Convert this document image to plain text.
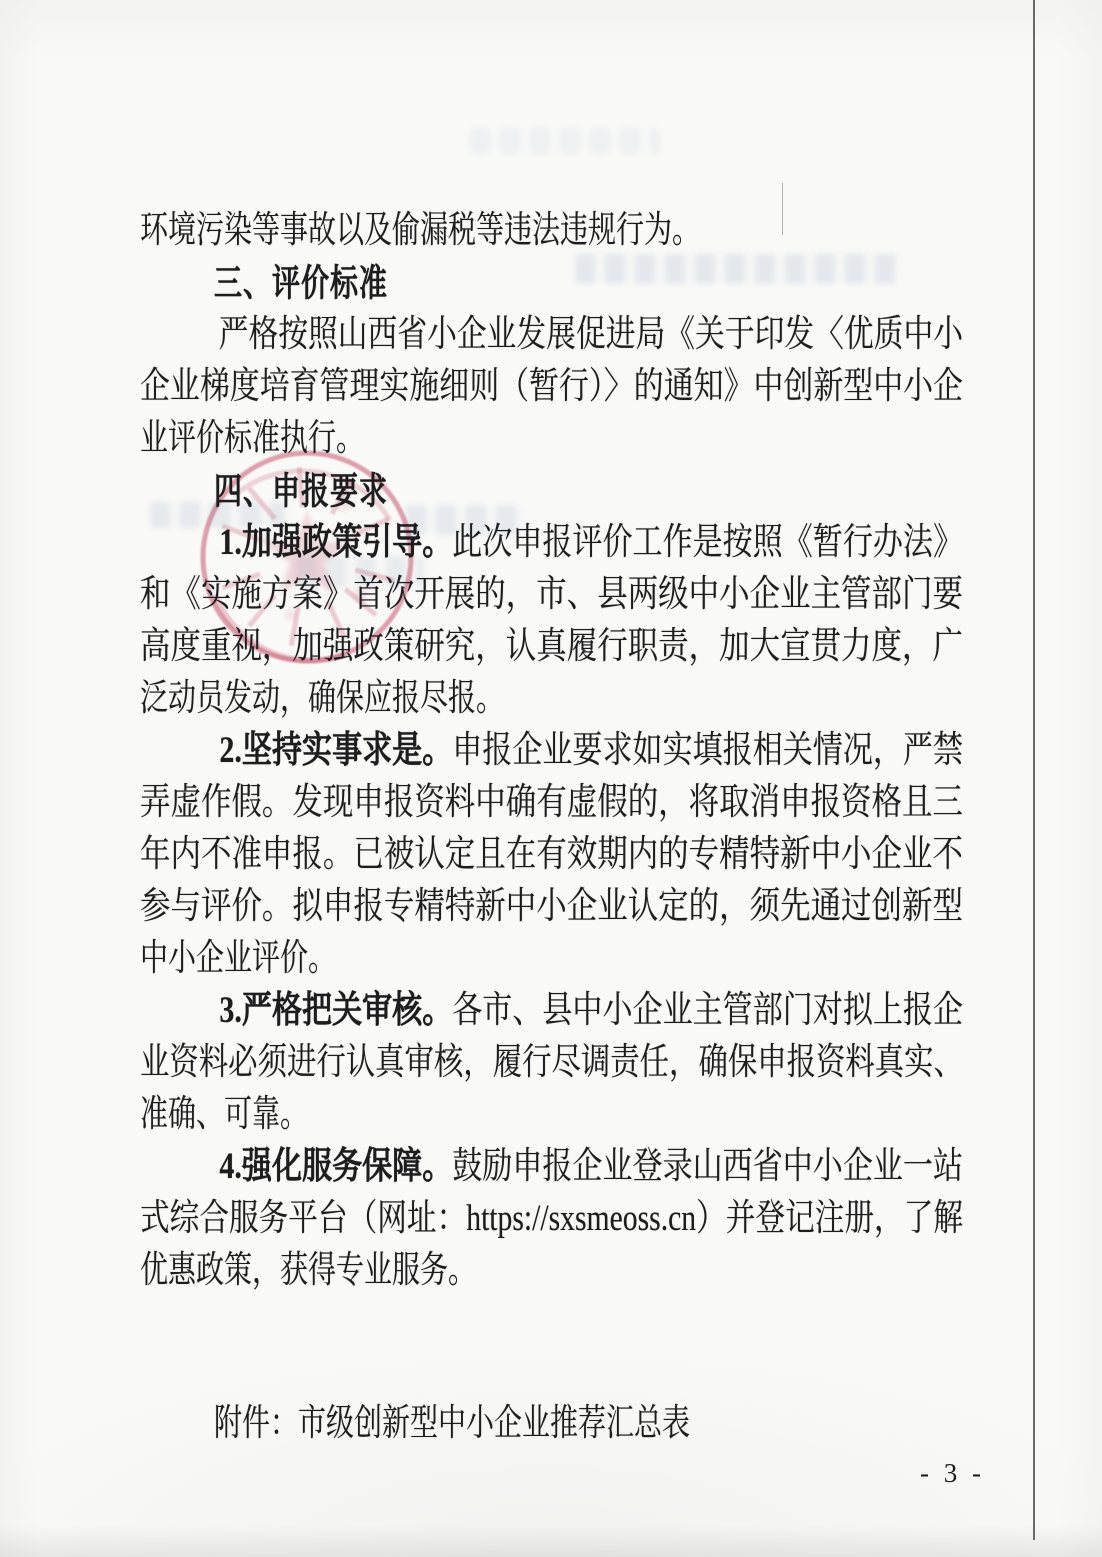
环境污染等事故以及偷漏税等违法违规行为。
三、评价标准
严格按照山西省小企业发展促进局《关于印发〈优质中小
企业梯度培育管理实施细则（暂行）〉的通知》中创新型中小企
业评价标准执行。
四、申报要求
1.加强政策引导。此次申报评价工作是按照《暂行办法》
和《实施方案》首次开展的，市、县两级中小企业主管部门要
高度重视，加强政策研究，认真履行职责，加大宣贯力度，广
泛动员发动，确保应报尽报。
2.坚持实事求是。申报企业要求如实填报相关情况，严禁
弄虚作假。发现申报资料中确有虚假的，将取消申报资格且三
年内不准申报。已被认定且在有效期内的专精特新中小企业不
参与评价。拟申报专精特新中小企业认定的，须先通过创新型
中小企业评价。
3.严格把关审核。各市、县中小企业主管部门对拟上报企
业资料必须进行认真审核，履行尽调责任，确保申报资料真实、
准确、可靠。
4.强化服务保障。鼓励申报企业登录山西省中小企业一站
式综合服务平台（网址：https://sxsmeoss.cn）并登记注册，了解
优惠政策，获得专业服务。
附件：市级创新型中小企业推荐汇总表
- 3 -
